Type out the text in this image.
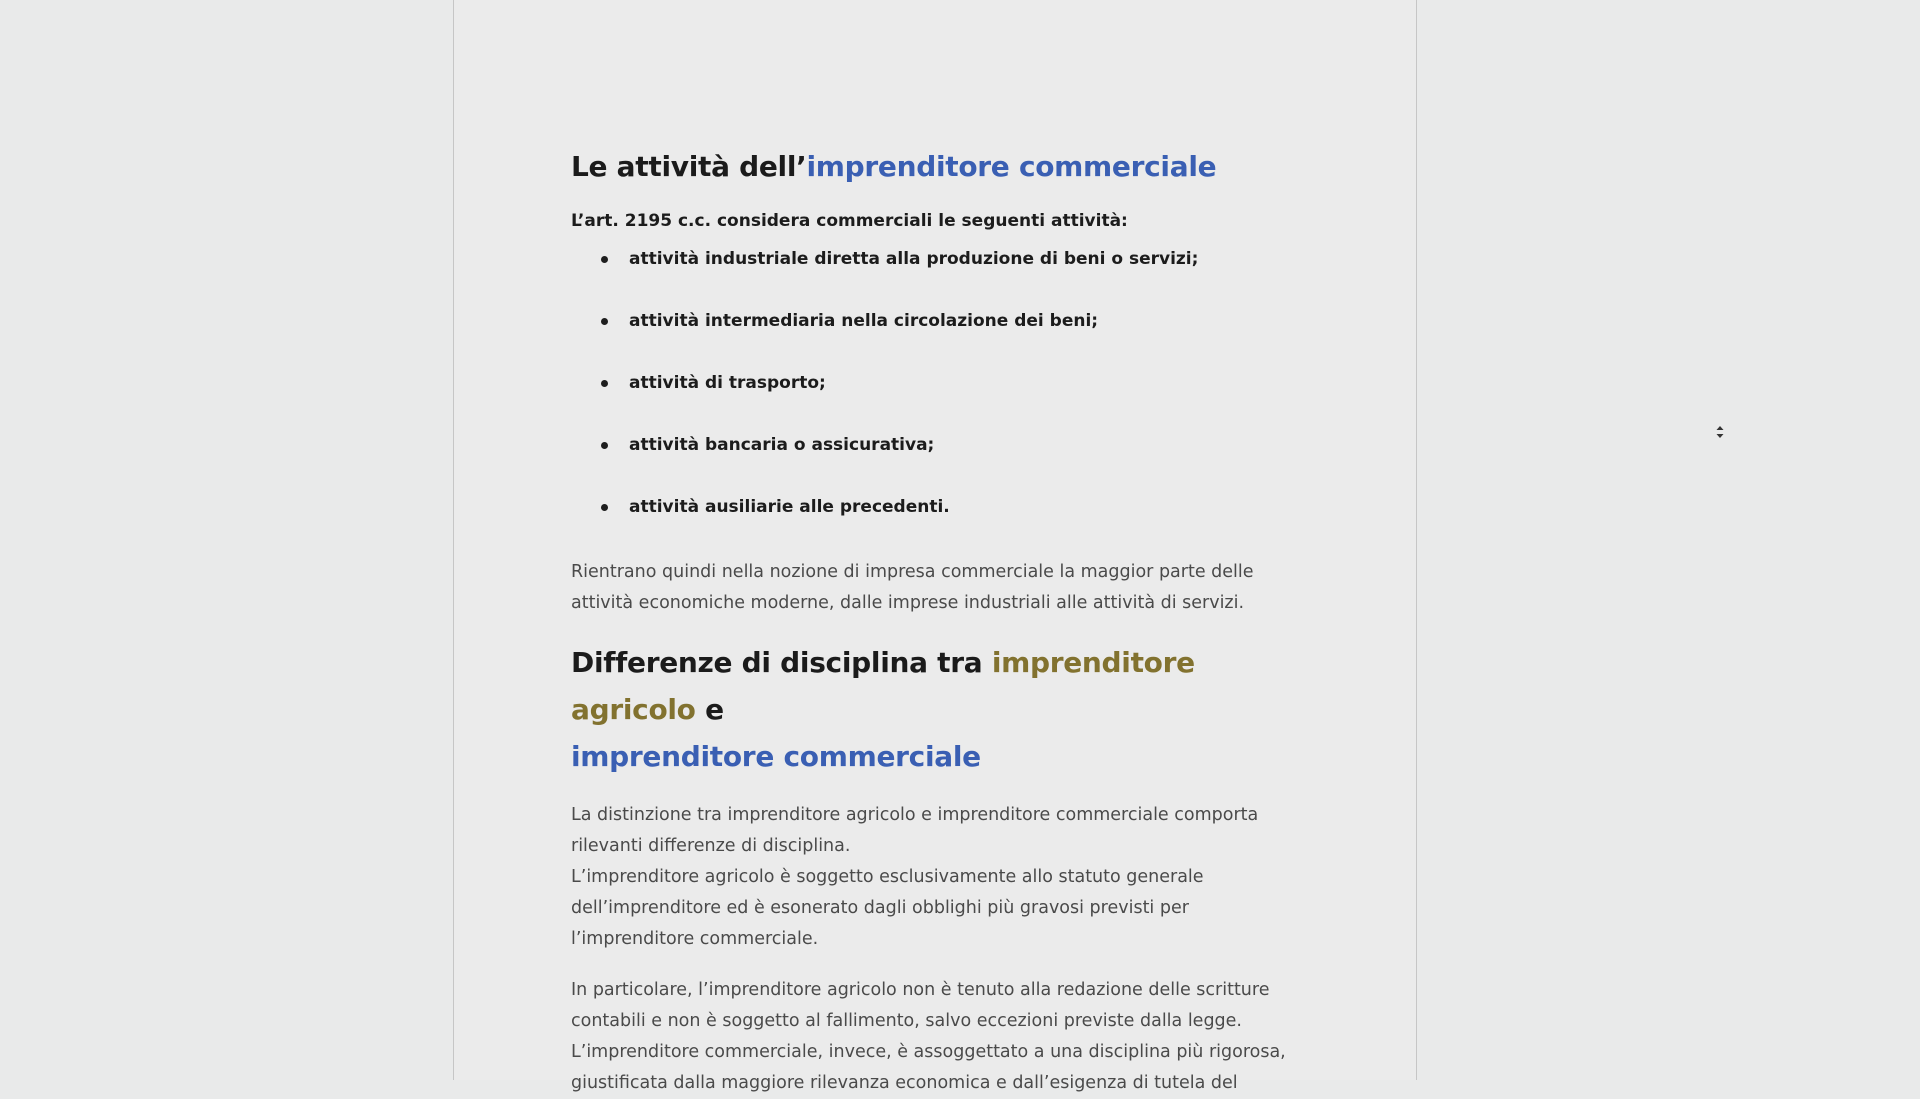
Le attività dell’imprenditore commerciale

L’art. 2195 c.c. considera commerciali le seguenti attività:

attività industriale diretta alla produzione di beni o servizi;
attività intermediaria nella circolazione dei beni;
attività di trasporto;
attività bancaria o assicurativa;
attività ausiliarie alle precedenti.

Rientrano quindi nella nozione di impresa commerciale la maggior parte delle
attività economiche moderne, dalle imprese industriali alle attività di servizi.

Differenze di disciplina tra imprenditore agricolo e
imprenditore commerciale

La distinzione tra imprenditore agricolo e imprenditore commerciale comporta
rilevanti differenze di disciplina.
L’imprenditore agricolo è soggetto esclusivamente allo statuto generale
dell’imprenditore ed è esonerato dagli obblighi più gravosi previsti per
l’imprenditore commerciale.

In particolare, l’imprenditore agricolo non è tenuto alla redazione delle scritture
contabili e non è soggetto al fallimento, salvo eccezioni previste dalla legge.
L’imprenditore commerciale, invece, è assoggettato a una disciplina più rigorosa,
giustificata dalla maggiore rilevanza economica e dall’esigenza di tutela del
